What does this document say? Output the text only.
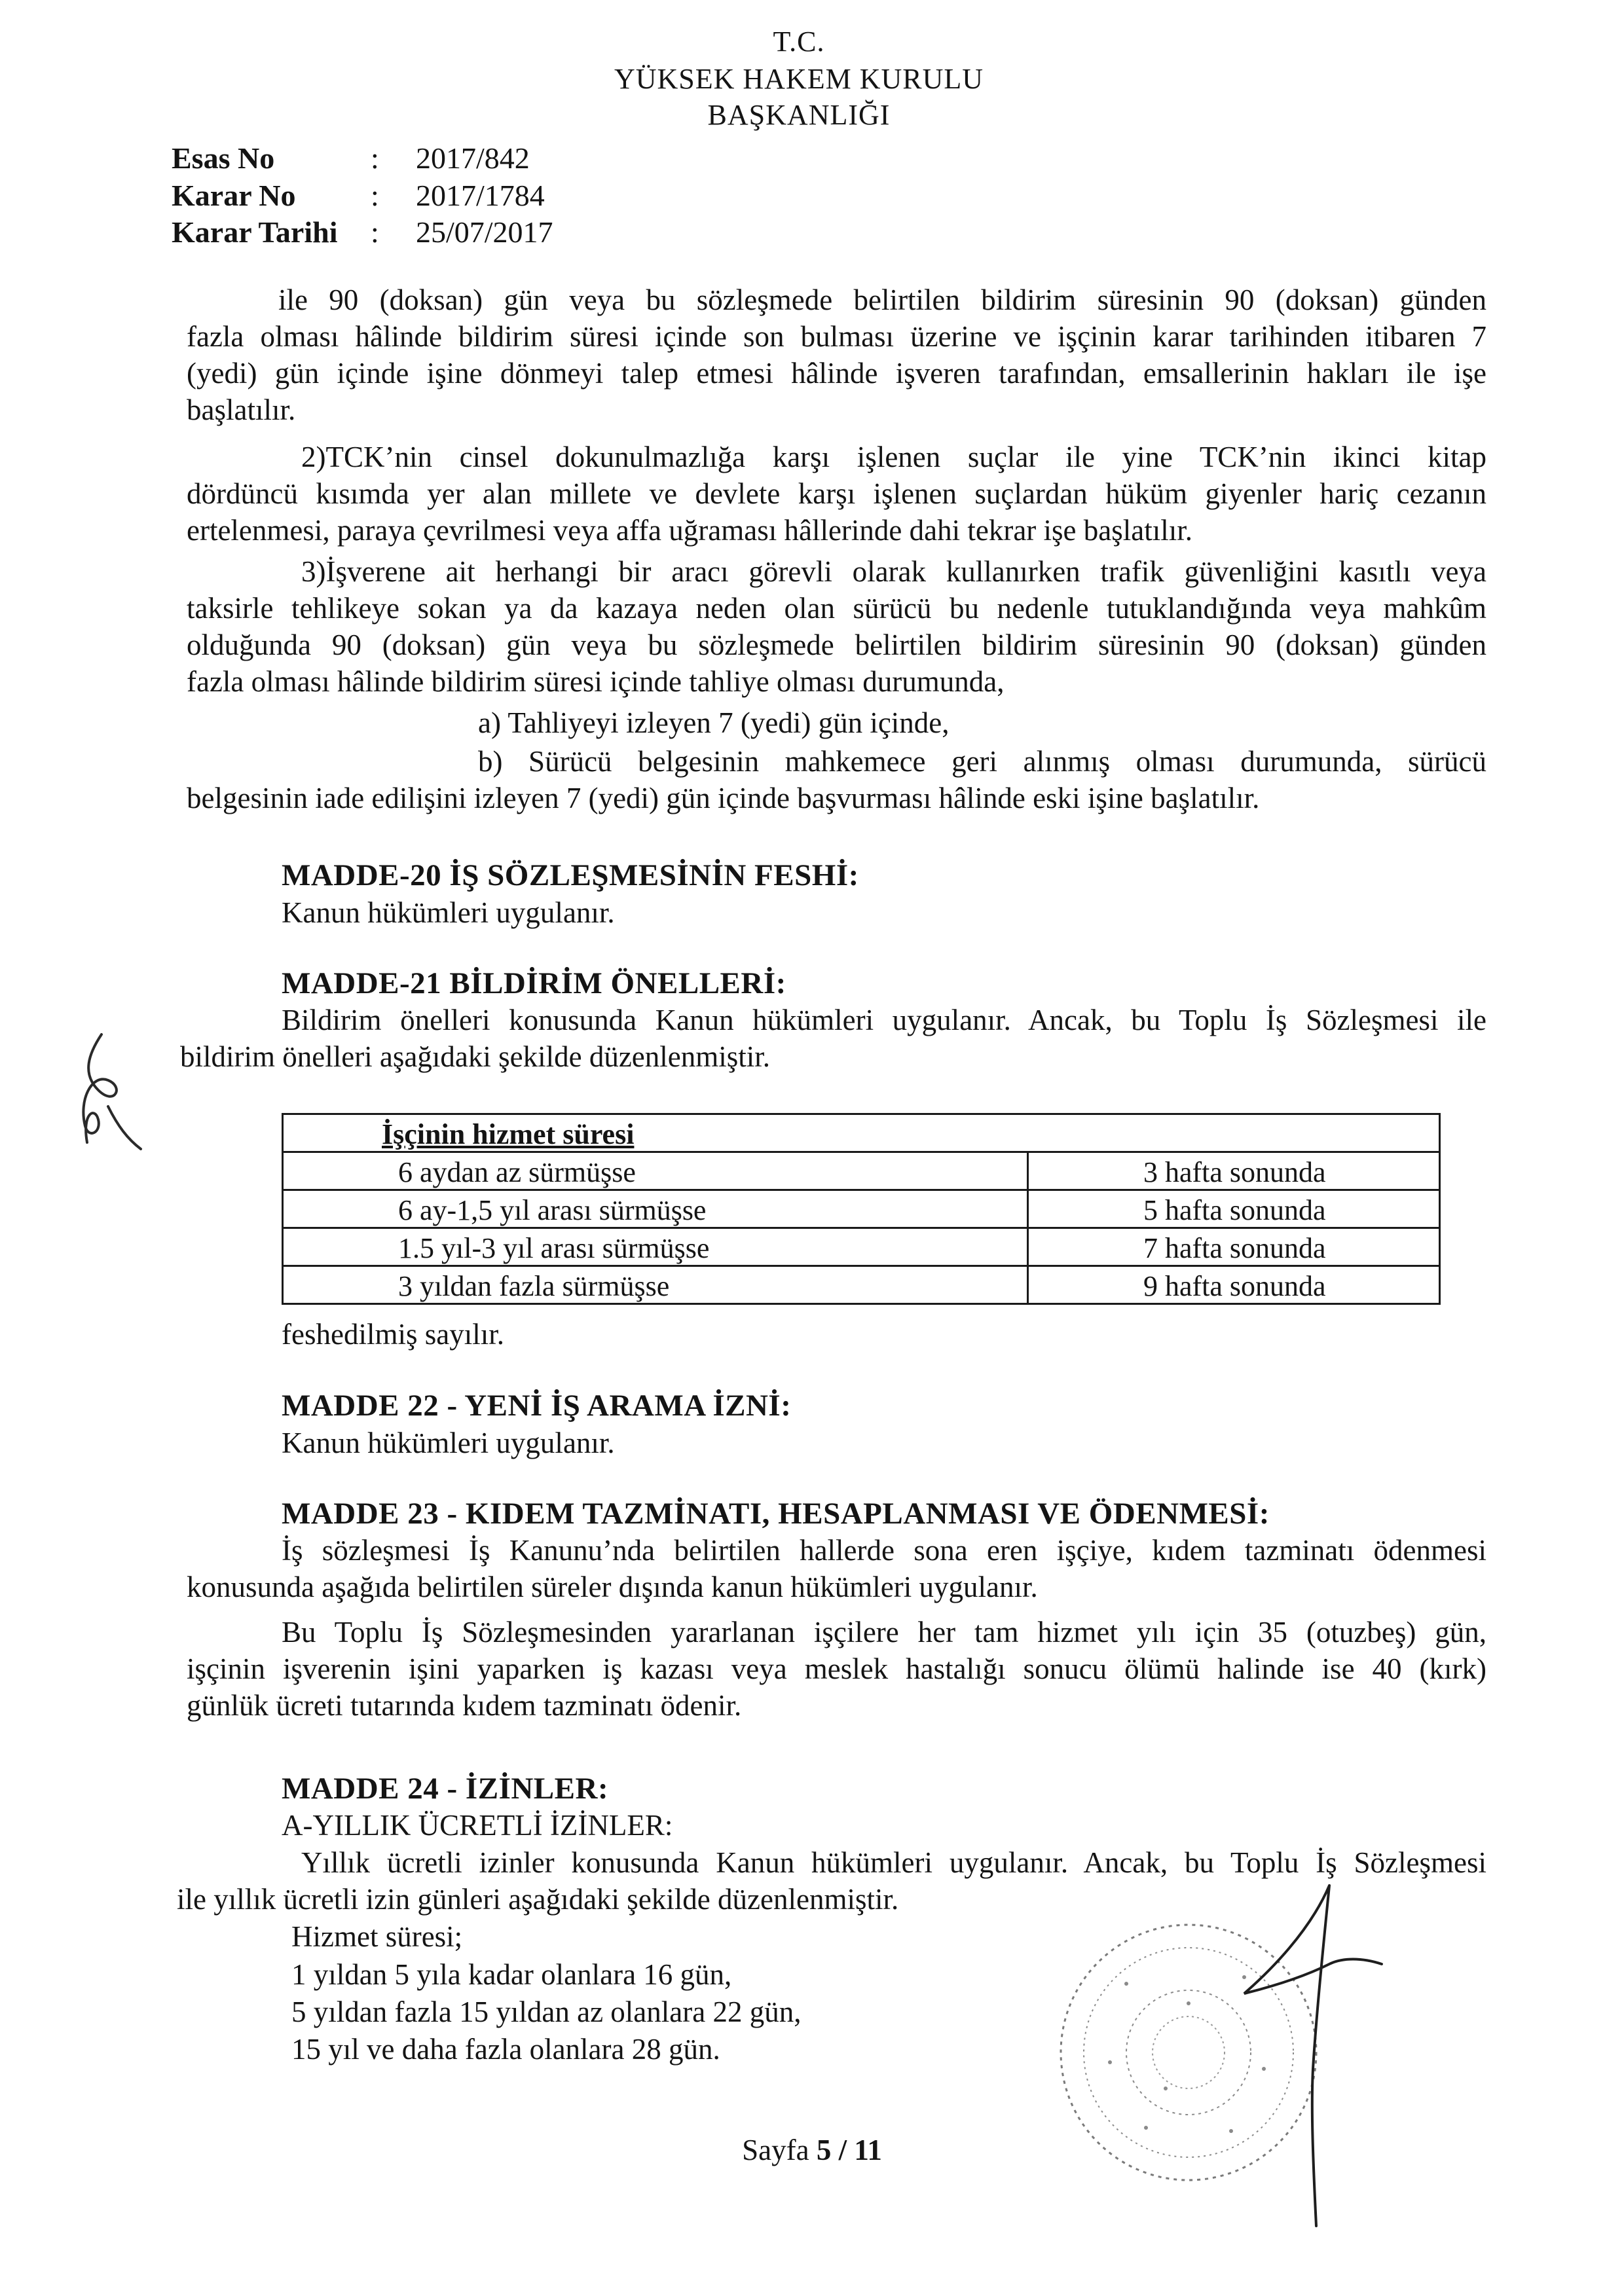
T.C.
YÜKSEK HAKEM KURULU
BAŞKANLIĞI
Esas No	: 2017/842
Karar No : 2017/1784
Karar Tarihi : 25/07/2017
ile 90 (doksan) gün veya bu sözleşmede belirtilen bildirim süresinin 90 (doksan) günden
fazla olması hâlinde bildirim süresi içinde son bulması üzerine ve işçinin karar tarihinden itibaren 7
(yedi) gün içinde işine dönmeyi talep etmesi hâlinde işveren tarafından, emsallerinin hakları ile işe
başlatılır.
2)TCK’nin cinsel dokunulmazlığa karşı işlenen suçlar ile yine TCK’nin ikinci kitap
dördüncü kısımda yer alan millete ve devlete karşı işlenen suçlardan hüküm giyenler hariç cezanın
ertelenmesi, paraya çevrilmesi veya affa uğraması hâllerinde dahi tekrar işe başlatılır.
3)İşverene ait herhangi bir aracı görevli olarak kullanırken trafik güvenliğini kasıtlı veya
taksirle tehlikeye sokan ya da kazaya neden olan sürücü bu nedenle tutuklandığında veya mahkûm
olduğunda 90 (doksan) gün veya bu sözleşmede belirtilen bildirim süresinin 90 (doksan) günden
fazla olması hâlinde bildirim süresi içinde tahliye olması durumunda,
a) Tahliyeyi izleyen 7 (yedi) gün içinde,
b) Sürücü belgesinin mahkemece geri alınmış olması durumunda, sürücü
belgesinin iade edilişini izleyen 7 (yedi) gün içinde başvurması hâlinde eski işine başlatılır.
MADDE-20 İŞ SÖZLEŞMESİNİN FESHİ:
Kanun hükümleri uygulanır.
MADDE-21 BİLDİRİM ÖNELLERİ:
Bildirim önelleri konusunda Kanun hükümleri uygulanır. Ancak, bu Toplu İş Sözleşmesi ile
bildirim önelleri aşağıdaki şekilde düzenlenmiştir.
İşçinin hizmet süresi	
6 aydan az sürmüşse	3 hafta sonunda
6 ay-1,5 yıl arası sürmüşse	5 hafta sonunda
1.5 yıl-3 yıl arası sürmüşse	7 hafta sonunda
3 yıldan fazla sürmüşse	9 hafta sonunda
feshedilmiş sayılır.
MADDE 22 - YENİ İŞ ARAMA İZNİ:
Kanun hükümleri uygulanır.
MADDE 23 - KIDEM TAZMİNATI, HESAPLANMASI VE ÖDENMESİ:
İş sözleşmesi İş Kanunu’nda belirtilen hallerde sona eren işçiye, kıdem tazminatı ödenmesi
konusunda aşağıda belirtilen süreler dışında kanun hükümleri uygulanır.
Bu Toplu İş Sözleşmesinden yararlanan işçilere her tam hizmet yılı için 35 (otuzbeş) gün,
işçinin işverenin işini yaparken iş kazası veya meslek hastalığı sonucu ölümü halinde ise 40 (kırk)
günlük ücreti tutarında kıdem tazminatı ödenir.
MADDE 24 - İZİNLER:
A-YILLIK ÜCRETLİ İZİNLER:
Yıllık ücretli izinler konusunda Kanun hükümleri uygulanır. Ancak, bu Toplu İş Sözleşmesi
ile yıllık ücretli izin günleri aşağıdaki şekilde düzenlenmiştir.
Hizmet süresi;
1 yıldan 5 yıla kadar olanlara 16 gün,
5 yıldan fazla 15 yıldan az olanlara 22 gün,
15 yıl ve daha fazla olanlara 28 gün.
Sayfa 5 / 11
